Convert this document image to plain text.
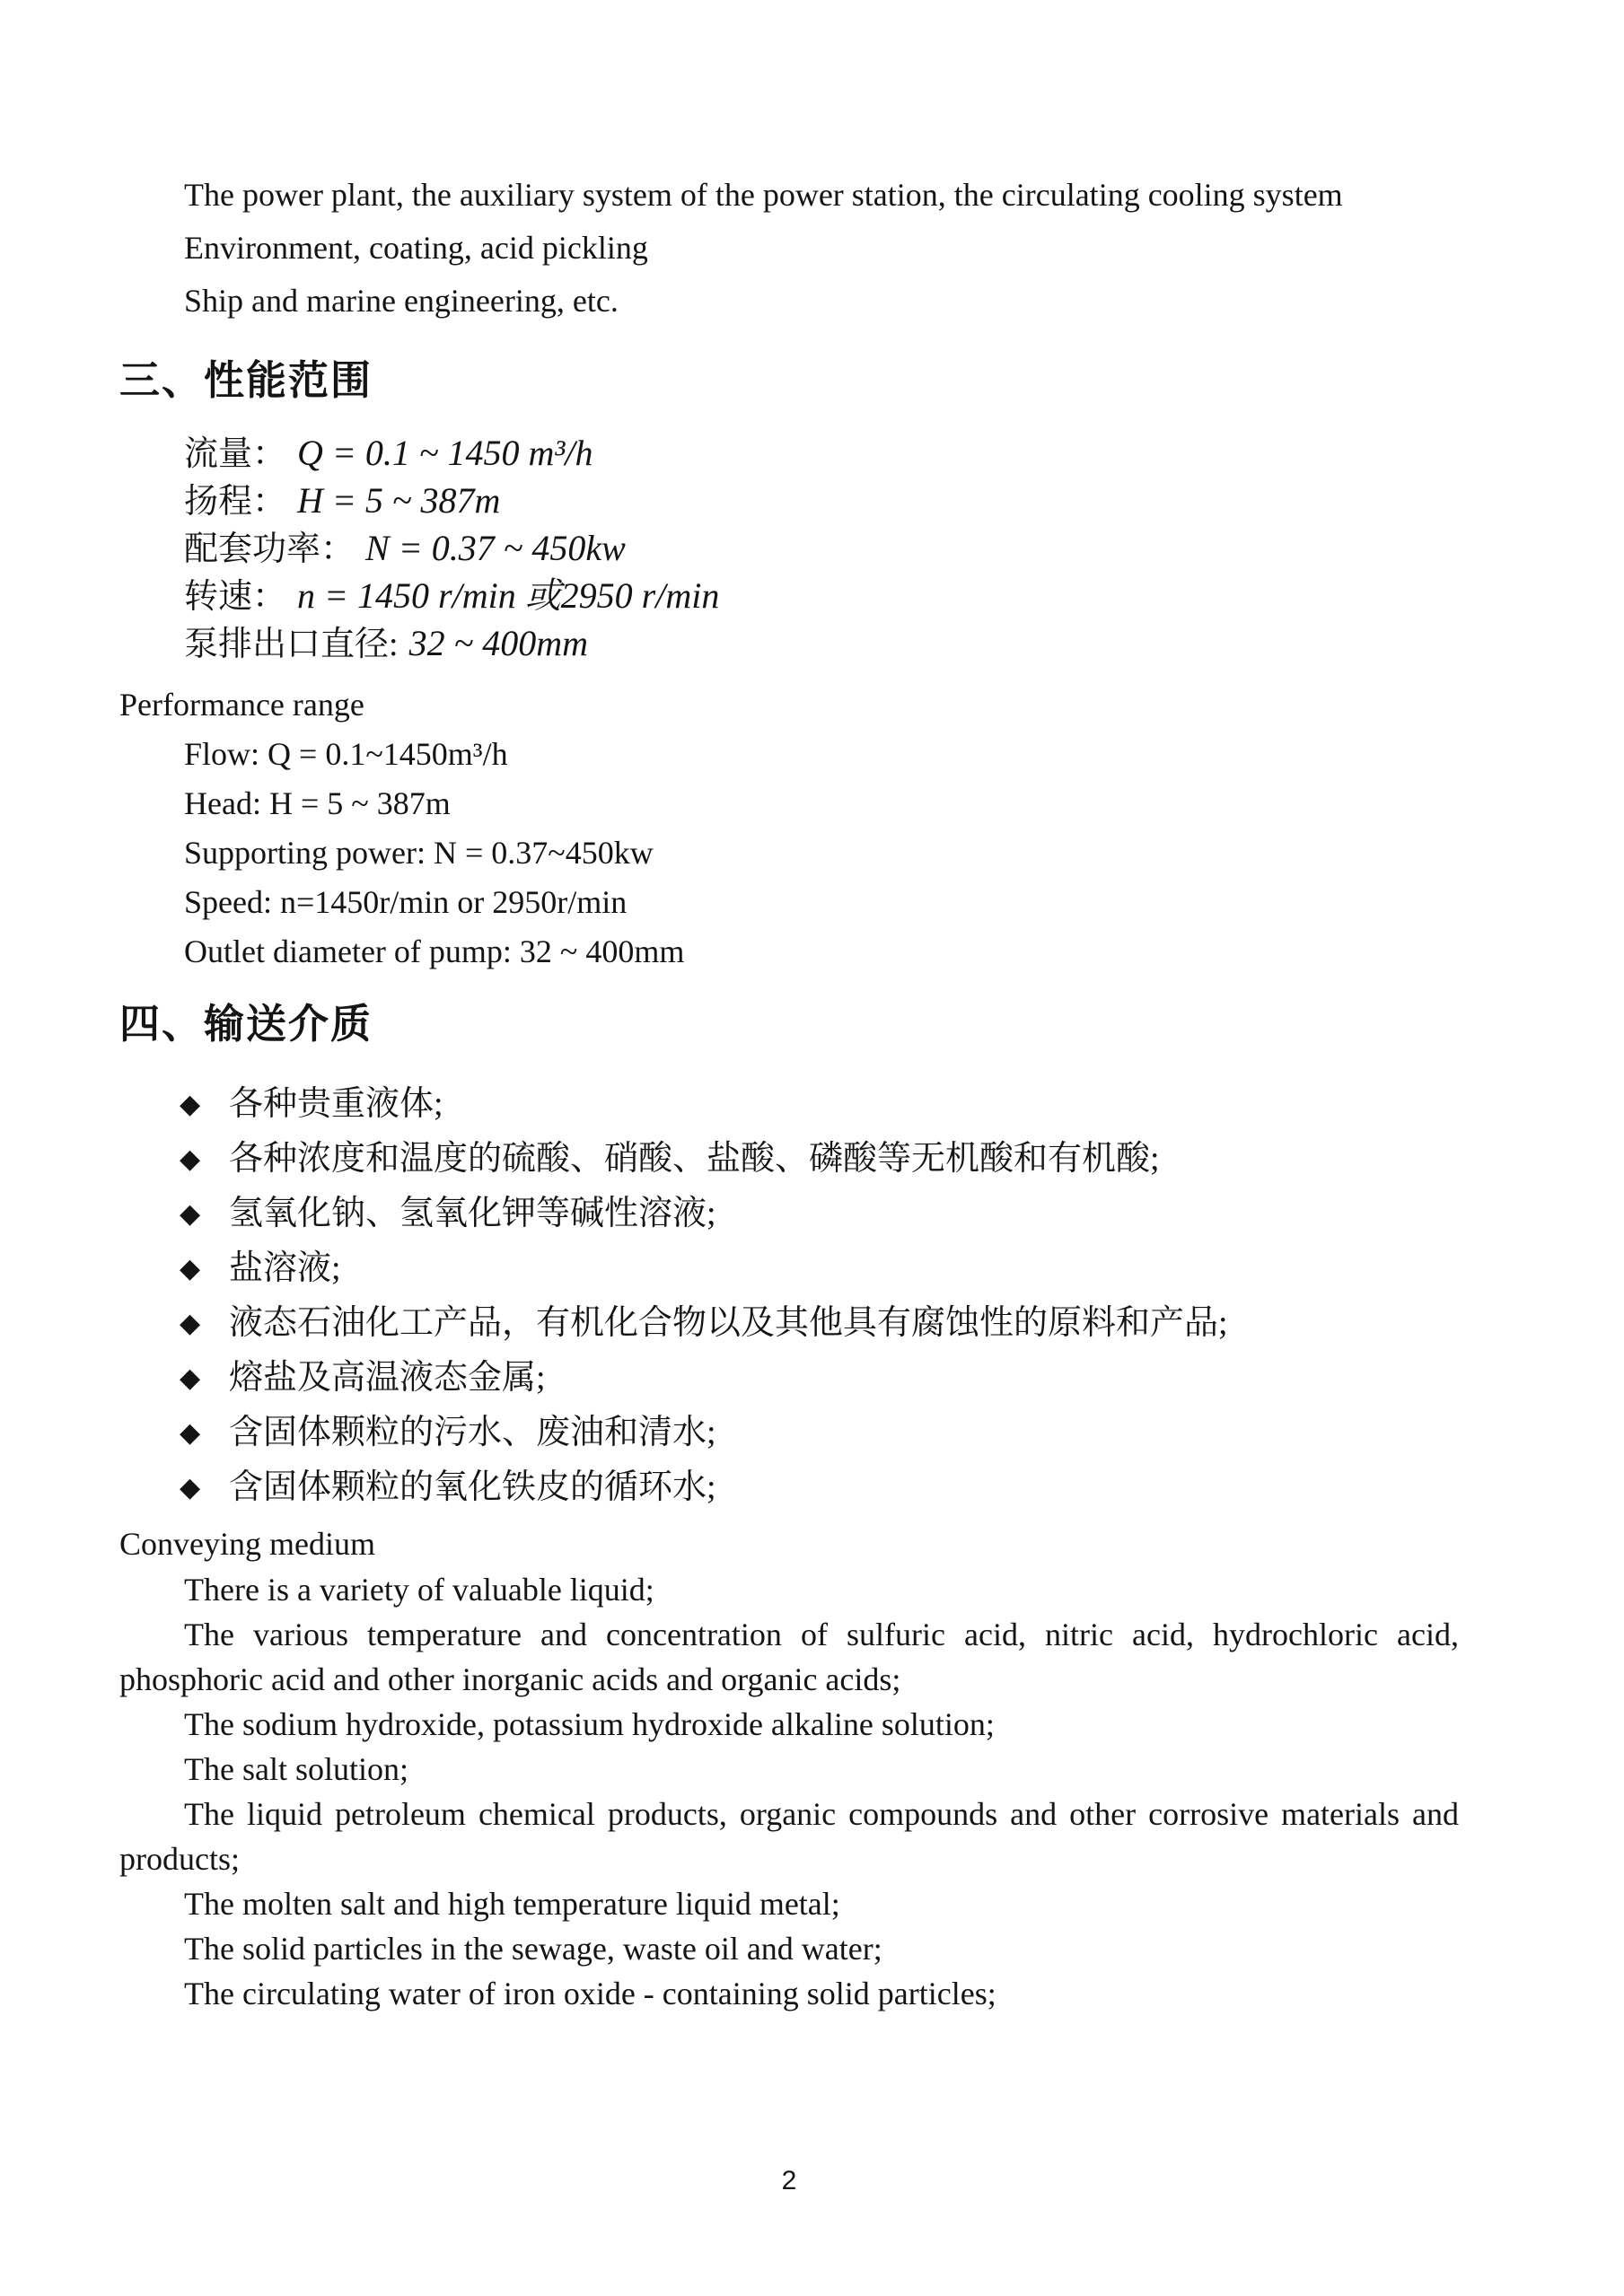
The power plant, the auxiliary system of the power station, the circulating cooling system

Environment, coating, acid pickling

Ship and marine engineering, etc.

三、性能范围

流量： Q = 0.1 ~ 1450 m³/h

扬程： H = 5 ~ 387m

配套功率： N = 0.37 ~ 450kw

转速： n = 1450 r/min 或2950 r/min

泵排出口直径: 32 ~ 400mm

Performance range

Flow: Q = 0.1~1450m³/h

Head: H = 5 ~ 387m

Supporting power: N = 0.37~450kw

Speed: n=1450r/min or 2950r/min

Outlet diameter of pump: 32 ~ 400mm

四、输送介质

◆ 各种贵重液体;

◆ 各种浓度和温度的硫酸、硝酸、盐酸、磷酸等无机酸和有机酸;

◆ 氢氧化钠、氢氧化钾等碱性溶液;

◆ 盐溶液;

◆ 液态石油化工产品，有机化合物以及其他具有腐蚀性的原料和产品;

◆ 熔盐及高温液态金属;

◆ 含固体颗粒的污水、废油和清水;

◆ 含固体颗粒的氧化铁皮的循环水;

Conveying medium

There is a variety of valuable liquid;

The various temperature and concentration of sulfuric acid, nitric acid, hydrochloric acid,

phosphoric acid and other inorganic acids and organic acids;

The sodium hydroxide, potassium hydroxide alkaline solution;

The salt solution;

The liquid petroleum chemical products, organic compounds and other corrosive materials and

products;

The molten salt and high temperature liquid metal;

The solid particles in the sewage, waste oil and water;

The circulating water of iron oxide - containing solid particles;

2
